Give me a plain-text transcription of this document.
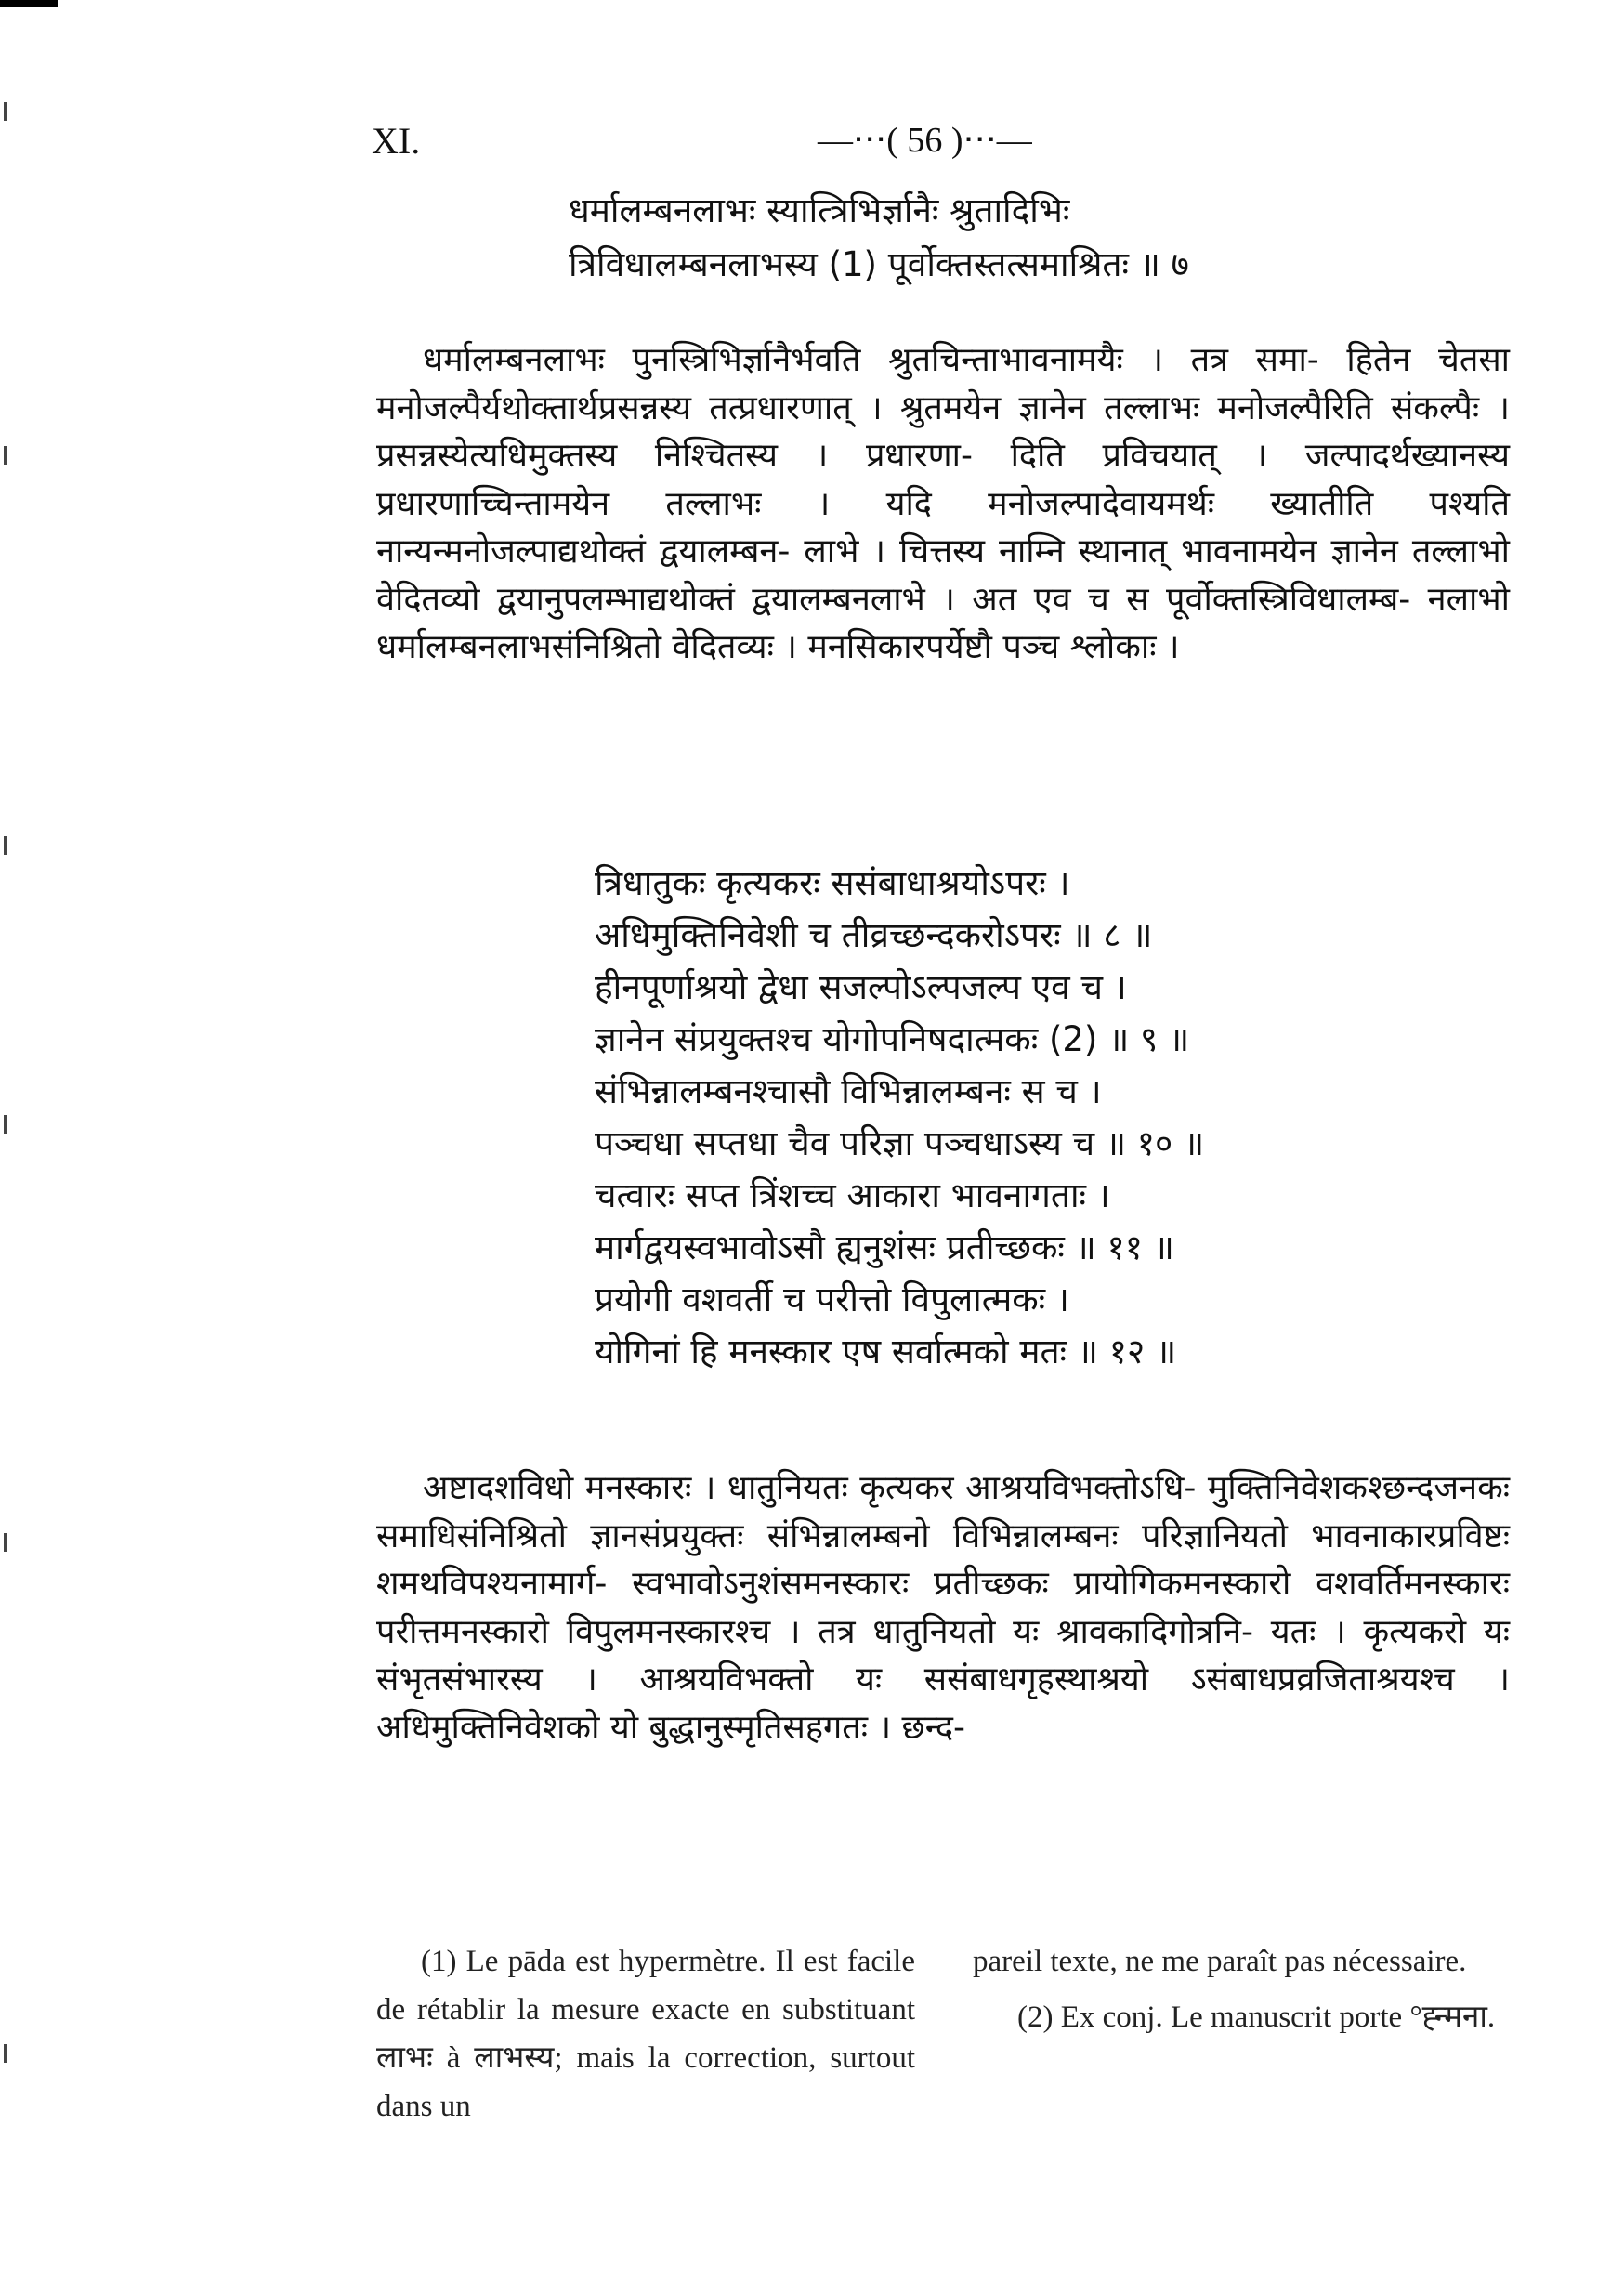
XI.	—⋅⋅⋅( 56 )⋅⋅⋅—
धर्मालम्बनलाभः स्यात्त्रिभिर्ज्ञानैः श्रुतादिभिः
त्रिविधालम्बनलाभस्य (1) पूर्वोक्तस्तत्समाश्रितः ॥ ७
धर्मालम्बनलाभः पुनस्त्रिभिर्ज्ञानैर्भवति श्रुतचिन्ताभावनामयैः । तत्र समा- हितेन चेतसा मनोजल्पैर्यथोक्तार्थप्रसन्नस्य तत्प्रधारणात् । श्रुतमयेन ज्ञानेन तल्लाभः मनोजल्पैरिति संकल्पैः । प्रसन्नस्येत्यधिमुक्तस्य निश्चितस्य । प्रधारणा- दिति प्रविचयात् । जल्पादर्थख्यानस्य प्रधारणाच्चिन्तामयेन तल्लाभः । यदि मनोजल्पादेवायमर्थः ख्यातीति पश्यति नान्यन्मनोजल्पाद्यथोक्तं द्वयालम्बन- लाभे । चित्तस्य नाम्नि स्थानात् भावनामयेन ज्ञानेन तल्लाभो वेदितव्यो द्वयानुपलम्भाद्यथोक्तं द्वयालम्बनलाभे । अत एव च स पूर्वोक्तस्त्रिविधालम्ब- नलाभो धर्मालम्बनलाभसंनिश्रितो वेदितव्यः । मनसिकारपर्येष्टौ पञ्च श्लोकाः ।
त्रिधातुकः कृत्यकरः ससंबाधाश्रयोऽपरः ।
अधिमुक्तिनिवेशी च तीव्रच्छन्दकरोऽपरः ॥ ८ ॥
हीनपूर्णाश्रयो द्वेधा सजल्पोऽल्पजल्प एव च ।
ज्ञानेन संप्रयुक्तश्च योगोपनिषदात्मकः (2) ॥ ९ ॥
संभिन्नालम्बनश्चासौ विभिन्नालम्बनः स च ।
पञ्चधा सप्तधा चैव परिज्ञा पञ्चधाऽस्य च ॥ १० ॥
चत्वारः सप्त त्रिंशच्च आकारा भावनागताः ।
मार्गद्वयस्वभावोऽसौ ह्यनुशंसः प्रतीच्छकः ॥ ११ ॥
प्रयोगी वशवर्ती च परीत्तो विपुलात्मकः ।
योगिनां हि मनस्कार एष सर्वात्मको मतः ॥ १२ ॥
अष्टादशविधो मनस्कारः । धातुनियतः कृत्यकर आश्रयविभक्तोऽधि- मुक्तिनिवेशकश्छन्दजनकः समाधिसंनिश्रितो ज्ञानसंप्रयुक्तः संभिन्नालम्बनो विभिन्नालम्बनः परिज्ञानियतो भावनाकारप्रविष्टः शमथविपश्यनामार्ग- स्वभावोऽनुशंसमनस्कारः प्रतीच्छकः प्रायोगिकमनस्कारो वशवर्तिमनस्कारः परीत्तमनस्कारो विपुलमनस्कारश्च । तत्र धातुनियतो यः श्रावकादिगोत्रनि- यतः । कृत्यकरो यः संभृतसंभारस्य । आश्रयविभक्तो यः ससंबाधगृहस्थाश्रयो ऽसंबाधप्रव्रजिताश्रयश्च । अधिमुक्तिनिवेशको यो बुद्धानुस्मृतिसहगतः । छन्द-
(1) Le pāda est hypermètre. Il est facile de rétablir la mesure exacte en substituant लाभः à लाभस्य; mais la correction, surtout dans un
pareil texte, ne me paraît pas nécessaire.
(2) Ex conj. Le manuscrit porte °ह्न्मना.
